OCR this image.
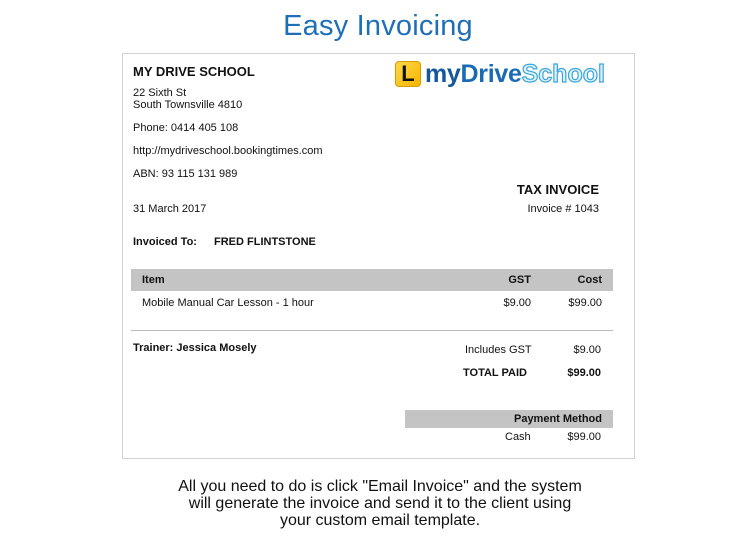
Easy Invoicing
MY DRIVE SCHOOL
22 Sixth St
South Townsville 4810
Phone: 0414 405 108
http://mydriveschool.bookingtimes.com
ABN: 93 115 131 989
L my Drive School
TAX INVOICE
Invoice # 1043
31 March 2017
Invoiced To: FRED FLINTSTONE
Item	GST	Cost
Mobile Manual Car Lesson - 1 hour	$9.00	$99.00
Trainer: Jessica Mosely	Includes GST	$9.00
TOTAL PAID	$99.00
Payment Method
Cash	$99.00
All you need to do is click "Email Invoice" and the system
will generate the invoice and send it to the client using
your custom email template.
